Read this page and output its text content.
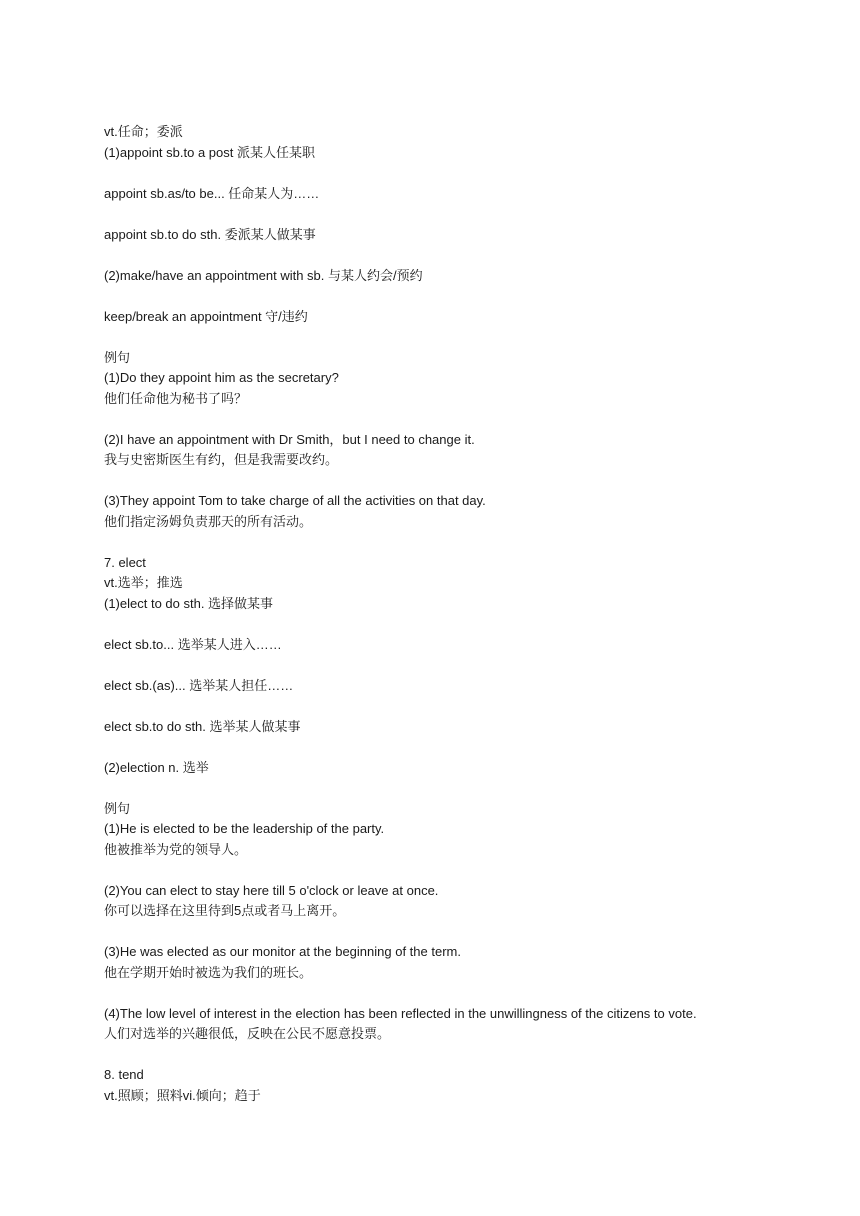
vt.任命；委派
(1)appoint sb.to a post 派某人任某职
appoint sb.as/to be... 任命某人为……
appoint sb.to do sth. 委派某人做某事
(2)make/have an appointment with sb. 与某人约会/预约
keep/break an appointment 守/违约
例句
(1)Do they appoint him as the secretary?
他们任命他为秘书了吗？
(2)I have an appointment with Dr Smith，but I need to change it.
我与史密斯医生有约，但是我需要改约。
(3)They appoint Tom to take charge of all the activities on that day.
他们指定汤姆负责那天的所有活动。
7. elect
vt.选举；推选
(1)elect to do sth. 选择做某事
elect sb.to... 选举某人进入……
elect sb.(as)... 选举某人担任……
elect sb.to do sth. 选举某人做某事
(2)election n. 选举
例句
(1)He is elected to be the leadership of the party.
他被推举为党的领导人。
(2)You can elect to stay here till 5 o'clock or leave at once.
你可以选择在这里待到5点或者马上离开。
(3)He was elected as our monitor at the beginning of the term.
他在学期开始时被选为我们的班长。
(4)The low level of interest in the election has been reflected in the unwillingness of the citizens to vote.
人们对选举的兴趣很低，反映在公民不愿意投票。
8. tend
vt.照顾；照料vi.倾向；趋于
